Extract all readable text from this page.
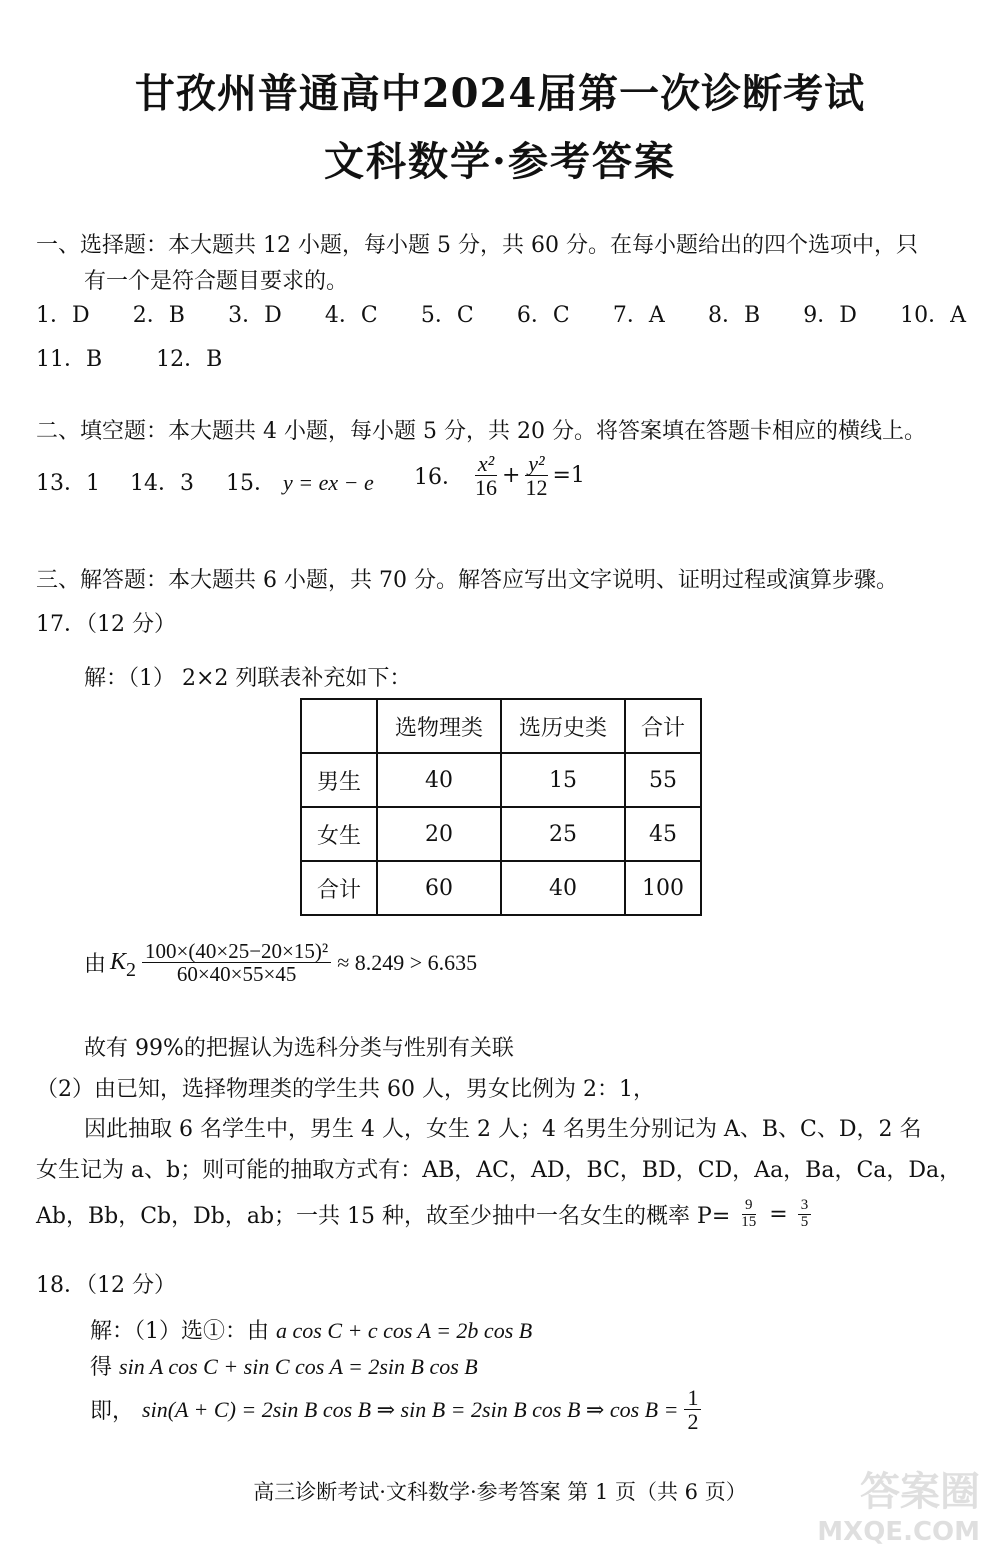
甘孜州普通高中2024届第一次诊断考试
文科数学·参考答案
一、选择题：本大题共 12 小题，每小题 5 分，共 60 分。在每小题给出的四个选项中，只
有一个是符合题目要求的。
1．D 2．B 3．D 4．C 5．C 6．C 7．A 8．B 9．D 10．A
11．B 12．B
二、填空题：本大题共 4 小题，每小题 5 分，共 20 分。将答案填在答题卡相应的横线上。
13．1 14．3 15． y = ex − e 16． $\frac{\text{x²}}{16} + \frac{\text{y²}}{12} =1$
三、解答题：本大题共 6 小题，共 70 分。解答应写出文字说明、证明过程或演算步骤。
17．（12 分）
解：（1） 2×2 列联表补充如下：
	选物理类	选历史类	合计
男生	40	15	55
女生	20	25	45
合计	60	40	100
由 K $2 \frac{\text{100×(40×25−20×15)²}}{60\times 40\times 55\times 45} \approx 8.249 > 6.635$
故有 99%的把握认为选科分类与性别有关联
（2）由已知，选择物理类的学生共 60 人，男女比例为 2：1，
因此抽取 6 名学生中，男生 4 人，女生 2 人；4 名男生分别记为 A、B、C、D，2 名
女生记为 a、b；则可能的抽取方式有：AB，AC，AD，BC，BD，CD，Aa，Ba，Ca，Da，
Ab，Bb，Cb，Db，ab；一共 15 种，故至少抽中一名女生的概率 $P= \frac{9}{15} = \frac{3}{5}$
18．（12 分）
解：（1）选①：由 a cos C + c cos A = 2b cos B
得 sin A cos C + sin C cos A = 2sin B cos B
即， sin(A + C) = 2sin B cos B ⇒ sin B = 2sin B cos B ⇒ $\cos B = \frac{1}{2}$
高三诊断考试·文科数学·参考答案 第 1 页（共 6 页）	答案圈
MXQE.COM
